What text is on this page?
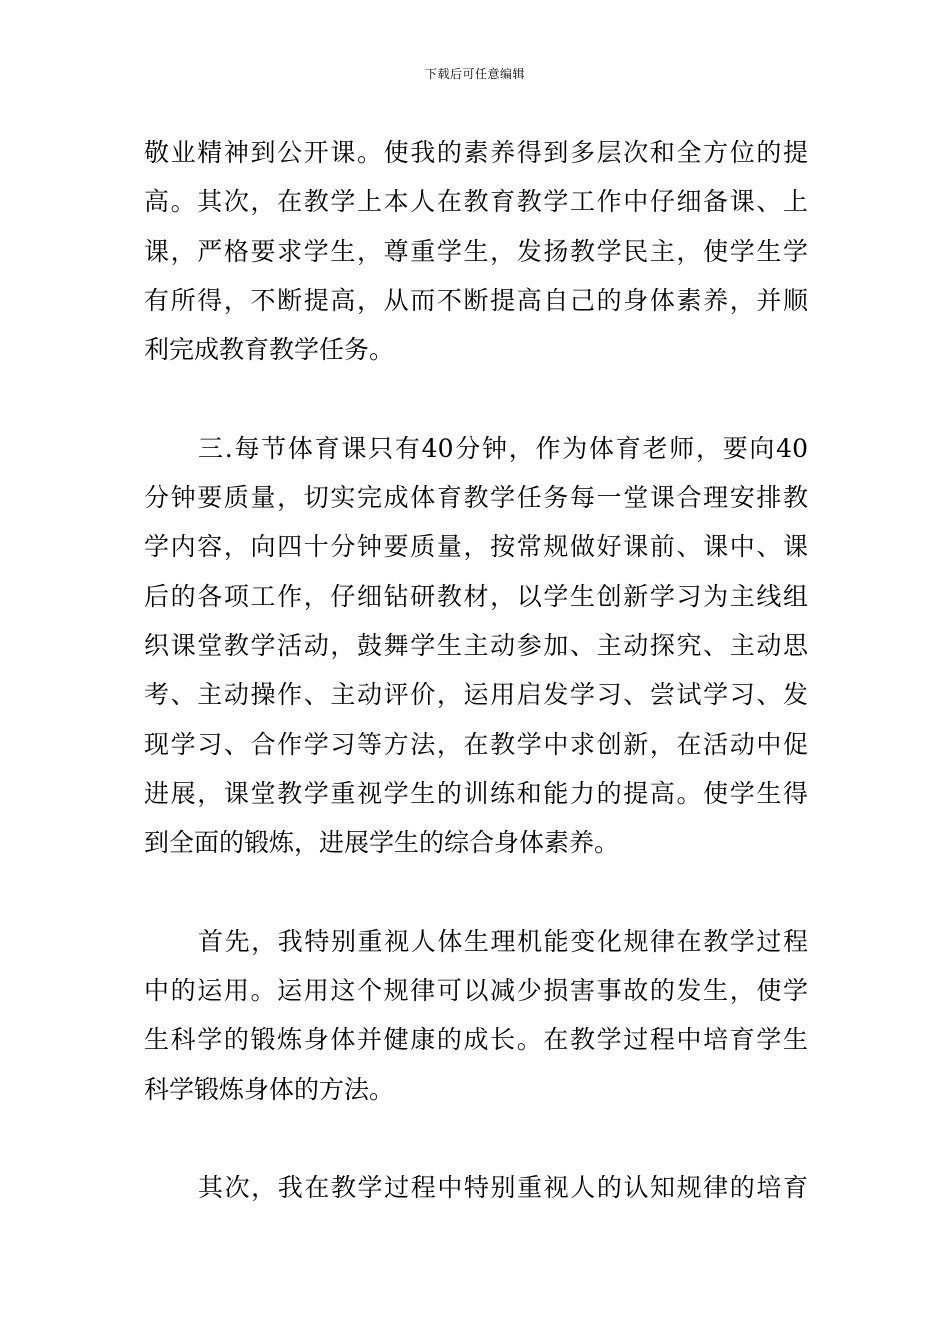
下载后可任意编辑
敬业精神到公开课。使我的素养得到多层次和全方位的提
高。其次，在教学上本人在教育教学工作中仔细备课、上
课，严格要求学生，尊重学生，发扬教学民主，使学生学
有所得，不断提高，从而不断提高自己的身体素养，并顺
利完成教育教学任务。
三.每节体育课只有40分钟，作为体育老师，要向40
分钟要质量，切实完成体育教学任务每一堂课合理安排教
学内容，向四十分钟要质量，按常规做好课前、课中、课
后的各项工作，仔细钻研教材，以学生创新学习为主线组
织课堂教学活动，鼓舞学生主动参加、主动探究、主动思
考、主动操作、主动评价，运用启发学习、尝试学习、发
现学习、合作学习等方法，在教学中求创新，在活动中促
进展，课堂教学重视学生的训练和能力的提高。使学生得
到全面的锻炼，进展学生的综合身体素养。
首先，我特别重视人体生理机能变化规律在教学过程
中的运用。运用这个规律可以减少损害事故的发生，使学
生科学的锻炼身体并健康的成长。在教学过程中培育学生
科学锻炼身体的方法。
其次，我在教学过程中特别重视人的认知规律的培育
